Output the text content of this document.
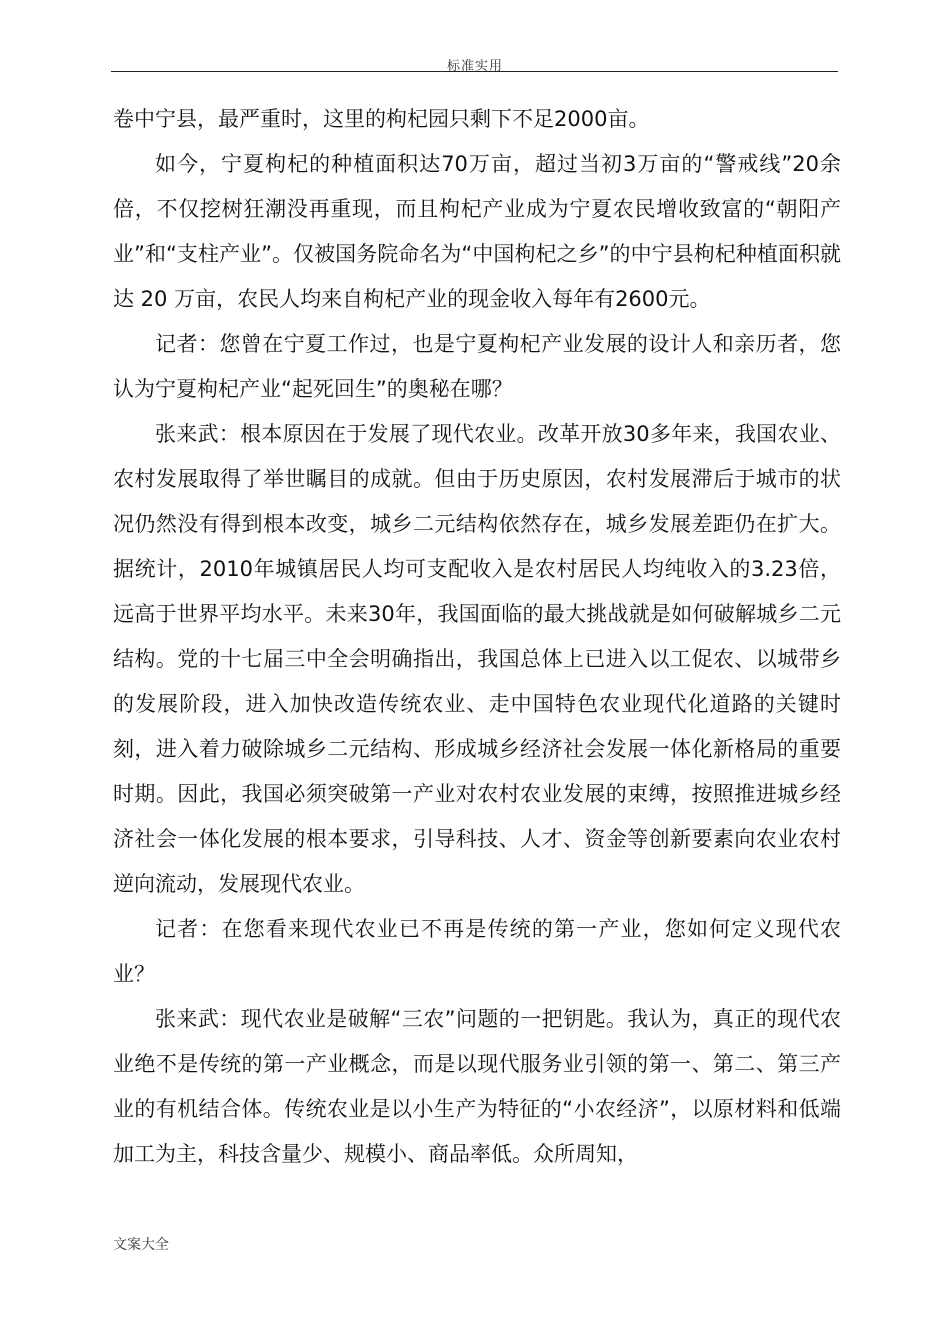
标准实用

卷中宁县，最严重时，这里的枸杞园只剩下不足2000亩。

如今，宁夏枸杞的种植面积达70万亩，超过当初3万亩的“警戒线”20余倍，不仅挖树狂潮没再重现，而且枸杞产业成为宁夏农民增收致富的“朝阳产业”和“支柱产业”。仅被国务院命名为“中国枸杞之乡”的中宁县枸杞种植面积就达 20 万亩，农民人均来自枸杞产业的现金收入每年有2600元。

记者：您曾在宁夏工作过，也是宁夏枸杞产业发展的设计人和亲历者，您认为宁夏枸杞产业“起死回生”的奥秘在哪？

张来武：根本原因在于发展了现代农业。改革开放30多年来，我国农业、农村发展取得了举世瞩目的成就。但由于历史原因，农村发展滞后于城市的状况仍然没有得到根本改变，城乡二元结构依然存在，城乡发展差距仍在扩大。据统计，2010年城镇居民人均可支配收入是农村居民人均纯收入的3.23倍，远高于世界平均水平。未来30年，我国面临的最大挑战就是如何破解城乡二元结构。党的十七届三中全会明确指出，我国总体上已进入以工促农、以城带乡的发展阶段，进入加快改造传统农业、走中国特色农业现代化道路的关键时刻，进入着力破除城乡二元结构、形成城乡经济社会发展一体化新格局的重要时期。因此，我国必须突破第一产业对农村农业发展的束缚，按照推进城乡经济社会一体化发展的根本要求，引导科技、人才、资金等创新要素向农业农村逆向流动，发展现代农业。

记者：在您看来现代农业已不再是传统的第一产业，您如何定义现代农业？

张来武：现代农业是破解“三农”问题的一把钥匙。我认为，真正的现代农业绝不是传统的第一产业概念，而是以现代服务业引领的第一、第二、第三产业的有机结合体。传统农业是以小生产为特征的“小农经济”，以原材料和低端加工为主，科技含量少、规模小、商品率低。众所周知，

文案大全
